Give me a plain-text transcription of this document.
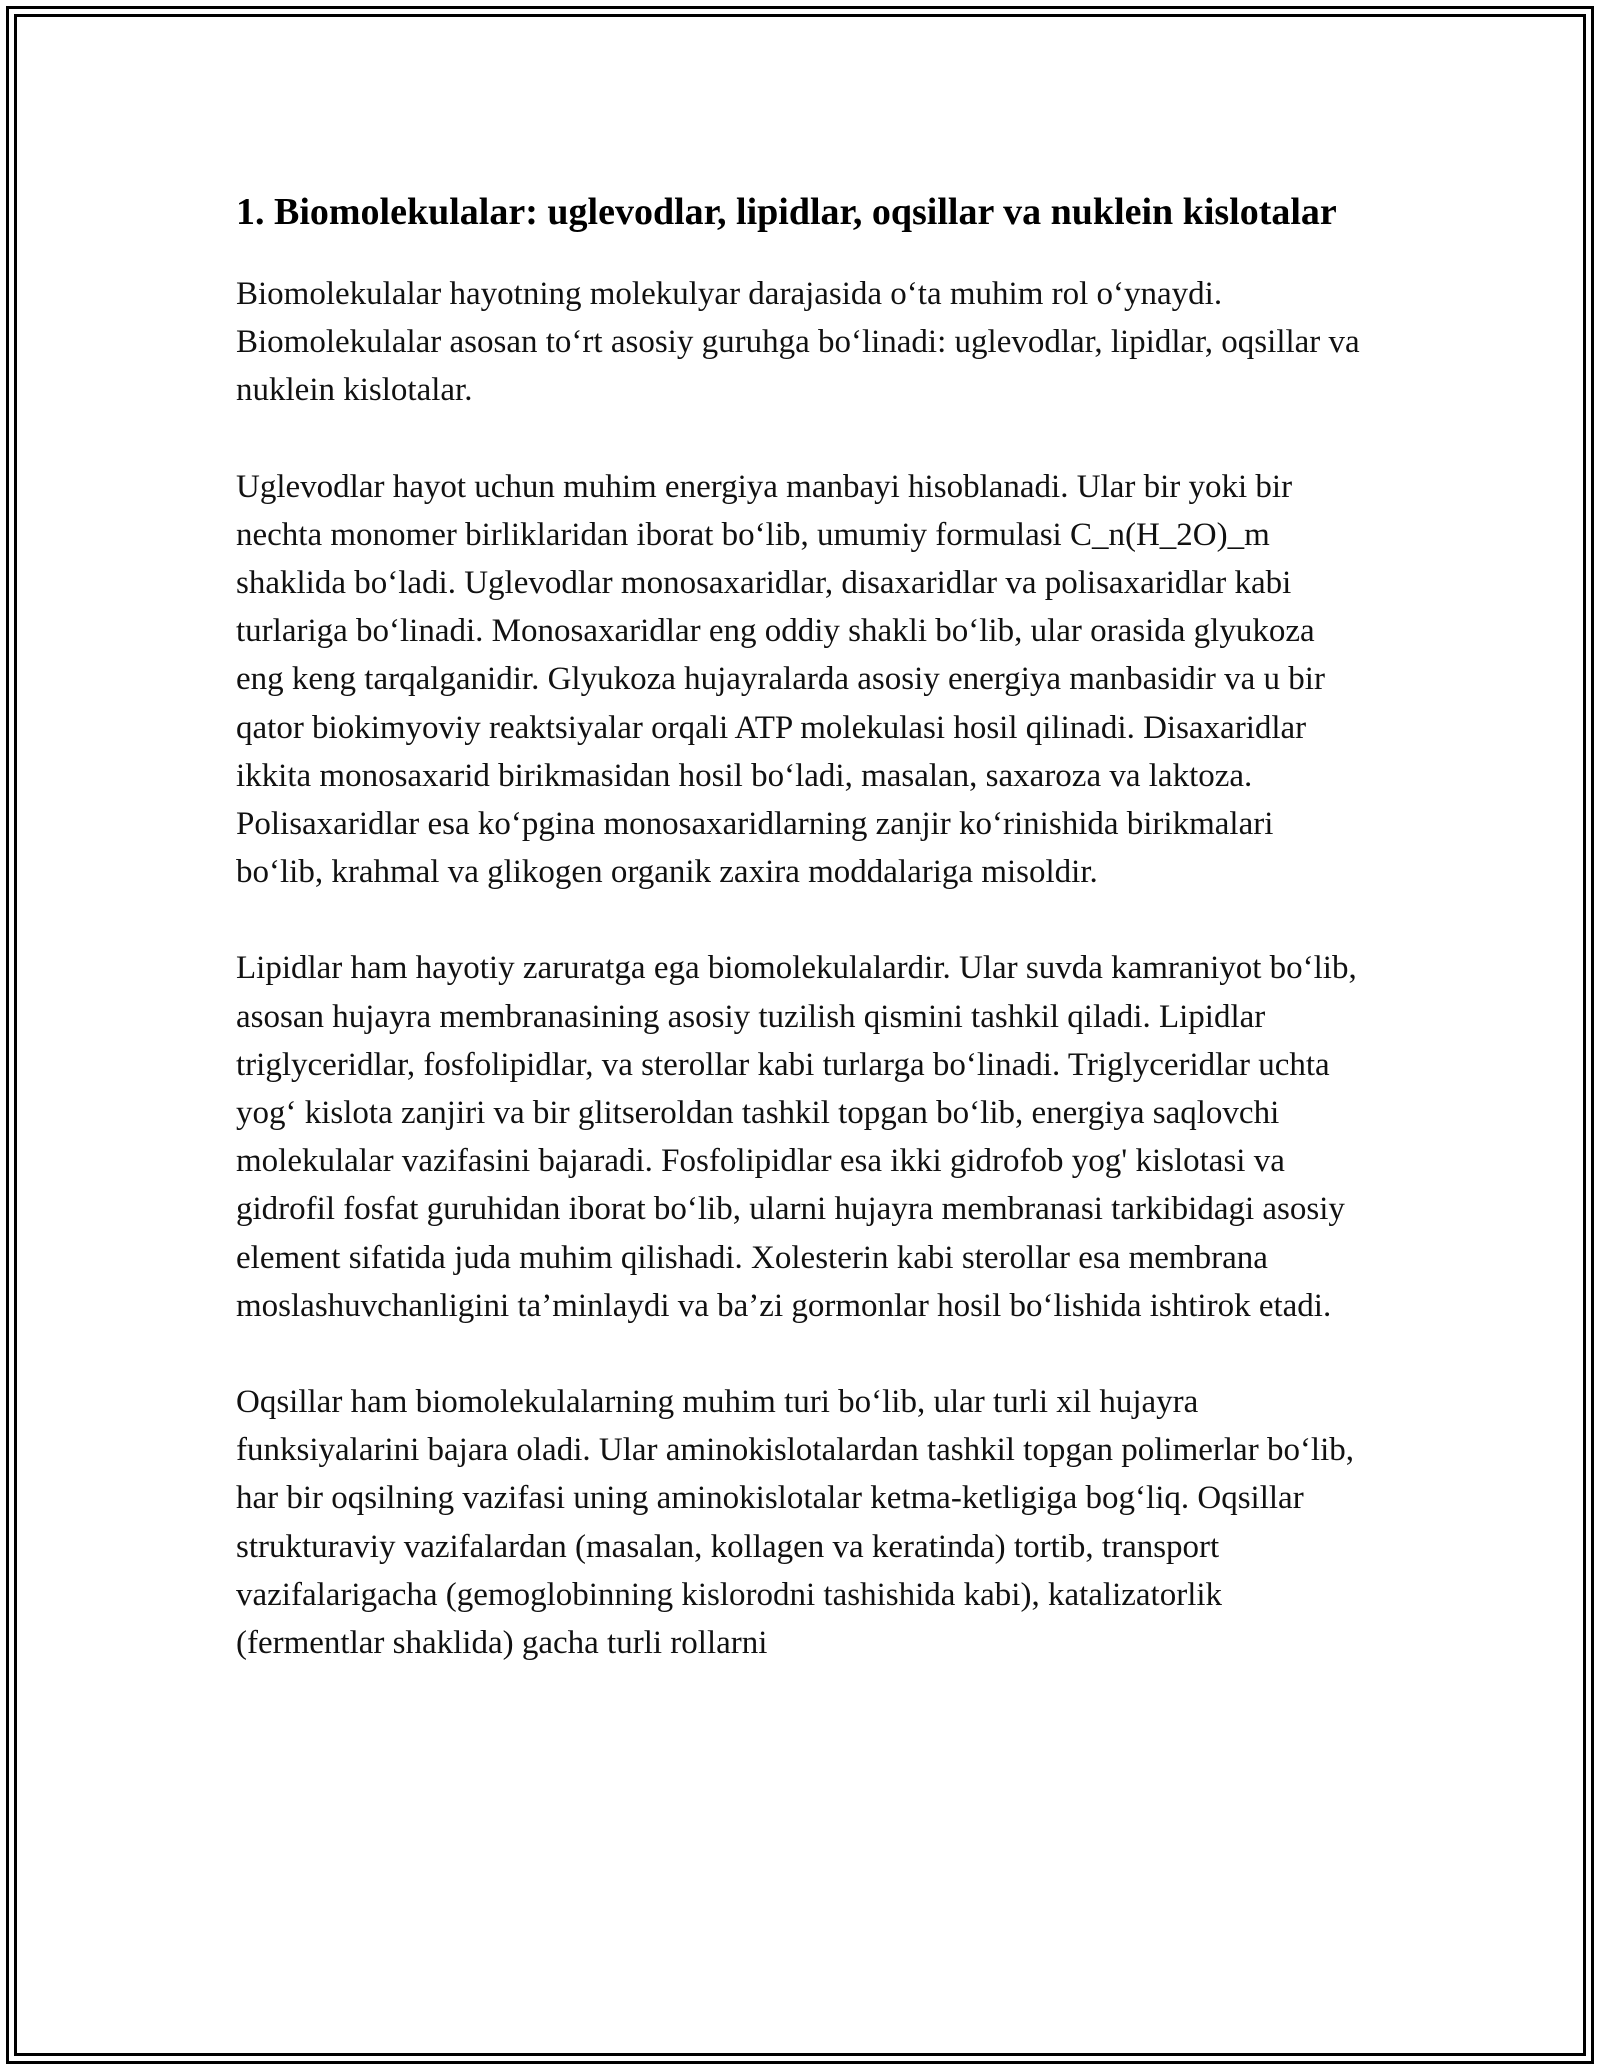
1. Biomolekulalar: uglevodlar, lipidlar, oqsillar va nuklein kislotalar

Biomolekulalar hayotning molekulyar darajasida o‘ta muhim rol o‘ynaydi. Biomolekulalar asosan to‘rt asosiy guruhga bo‘linadi: uglevodlar, lipidlar, oqsillar va nuklein kislotalar.

Uglevodlar hayot uchun muhim energiya manbayi hisoblanadi. Ular bir yoki bir nechta monomer birliklaridan iborat bo‘lib, umumiy formulasi C_n(H_2O)_m shaklida bo‘ladi. Uglevodlar monosaxaridlar, disaxaridlar va polisaxaridlar kabi turlariga bo‘linadi. Monosaxaridlar eng oddiy shakli bo‘lib, ular orasida glyukoza eng keng tarqalganidir. Glyukoza hujayralarda asosiy energiya manbasidir va u bir qator biokimyoviy reaktsiyalar orqali ATP molekulasi hosil qilinadi. Disaxaridlar ikkita monosaxarid birikmasidan hosil bo‘ladi, masalan, saxaroza va laktoza. Polisaxaridlar esa ko‘pgina monosaxaridlarning zanjir ko‘rinishida birikmalari bo‘lib, krahmal va glikogen organik zaxira moddalariga misoldir.

Lipidlar ham hayotiy zaruratga ega biomolekulalardir. Ular suvda kamraniyot bo‘lib, asosan hujayra membranasining asosiy tuzilish qismini tashkil qiladi. Lipidlar triglyceridlar, fosfolipidlar, va sterollar kabi turlarga bo‘linadi. Triglyceridlar uchta yog‘ kislota zanjiri va bir glitseroldan tashkil topgan bo‘lib, energiya saqlovchi molekulalar vazifasini bajaradi. Fosfolipidlar esa ikki gidrofob yog' kislotasi va gidrofil fosfat guruhidan iborat bo‘lib, ularni hujayra membranasi tarkibidagi asosiy element sifatida juda muhim qilishadi. Xolesterin kabi sterollar esa membrana moslashuvchanligini ta’minlaydi va ba’zi gormonlar hosil bo‘lishida ishtirok etadi.

Oqsillar ham biomolekulalarning muhim turi bo‘lib, ular turli xil hujayra funksiyalarini bajara oladi. Ular aminokislotalardan tashkil topgan polimerlar bo‘lib, har bir oqsilning vazifasi uning aminokislotalar ketma-ketligiga bog‘liq. Oqsillar strukturaviy vazifalardan (masalan, kollagen va keratinda) tortib, transport vazifalarigacha (gemoglobinning kislorodni tashishida kabi), katalizatorlik (fermentlar shaklida) gacha turli rollarni
